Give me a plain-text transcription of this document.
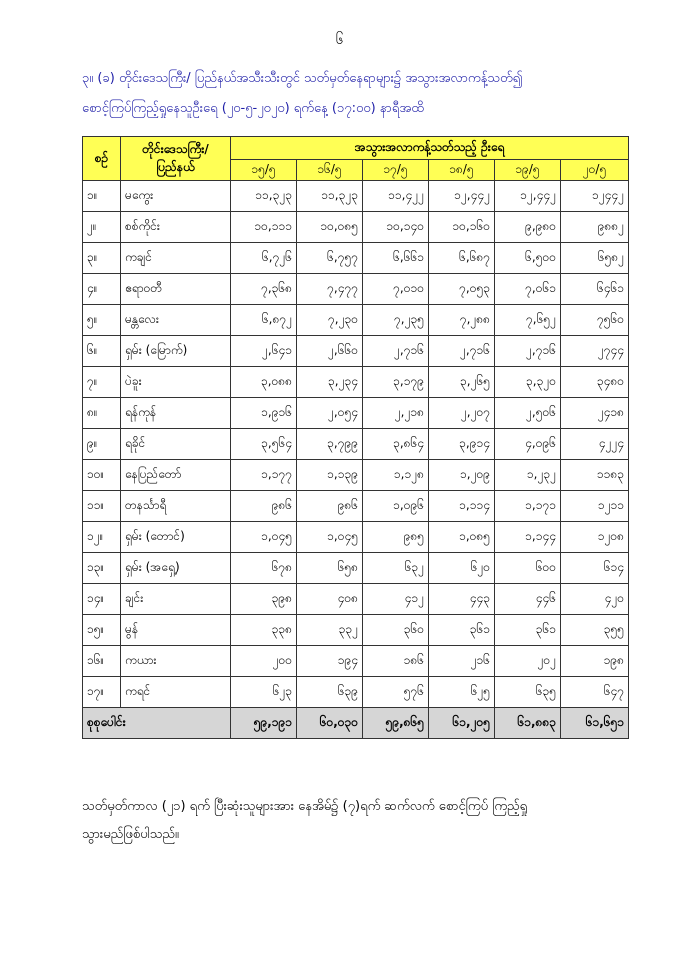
၆
၃။ (ခ) တိုင်းဒေသကြီး/ ပြည်နယ်အသီးသီးတွင် သတ်မှတ်နေရာများ၌ အသွားအလာကန့်သတ်၍
စောင့်ကြပ်ကြည့်ရှုနေသူဦးရေ (၂၀-၅-၂၀၂၀) ရက်နေ့ (၁၇:၀၀) နာရီအထိ
စဉ်	တိုင်းဒေသကြီး/ ပြည်နယ်	အသွားအလာကန့်သတ်သည့် ဦးရေ					
		၁၅/၅	၁၆/၅	၁၇/၅	၁၈/၅	၁၉/၅	၂၀/၅
၁။	မကွေး	၁၁,၃၂၃	၁၁,၃၂၃	၁၁,၄၂၂	၁၂,၄၄၂	၁၂,၄၄၂	၁၂၄၄၂
၂။	စစ်ကိုင်း	၁၀,၁၁၁	၁၀,၀၈၅	၁၀,၁၄၀	၁၀,၁၆၀	၉,၉၈၀	၉၈၈၂
၃။	ကချင်	၆,၇၂၆	၆,၇၅၇	၆,၆၆၁	၆,၆၈၇	၆,၅၀၀	၆၅၈၂
၄။	ဧရာဝတီ	၇,၃၆၈	၇,၄၇၇	၇,၀၁၀	၇,၀၅၃	၇,၀၆၁	၆၄၆၁
၅။	မန္တလေး	၆,၈၇၂	၇,၂၃၀	၇,၂၃၅	၇,၂၈၈	၇,၆၅၂	၇၅၆၀
၆။	ရှမ်း (မြောက်)	၂,၆၄၁	၂,၆၆၀	၂,၇၁၆	၂,၇၁၆	၂,၇၁၆	၂၇၄၄
၇။	ပဲခူး	၃,၀၈၈	၃,၂၃၄	၃,၁၇၉	၃,၂၆၅	၃,၃၂၀	၃၄၈၀
၈။	ရန်ကုန်	၁,၉၁၆	၂,၀၅၄	၂,၂၁၈	၂,၂၀၇	၂,၅၀၆	၂၄၁၈
၉။	ရခိုင်	၃,၅၆၄	၃,၇၉၉	၃,၈၆၄	၃,၉၁၄	၄,၀၉၆	၄၂၂၄
၁၀။	နေပြည်တော်	၁,၁၇၇	၁,၁၃၉	၁,၁၂၈	၁,၂၀၉	၁,၂၃၂	၁၁၈၃
၁၁။	တနင်္သာရီ	၉၈၆	၉၈၆	၁,၀၉၆	၁,၁၁၄	၁,၁၇၁	၁၂၁၁
၁၂။	ရှမ်း (တောင်)	၁,၀၄၅	၁,၀၄၅	၉၈၅	၁,၀၈၅	၁,၁၄၄	၁၂၀၈
၁၃။	ရှမ်း (အရှေ့)	၆၇၈	၆၅၈	၆၃၂	၆၂၀	၆၀၀	၆၁၄
၁၄။	ချင်း	၃၉၈	၄၀၈	၄၁၂	၄၄၃	၄၄၆	၄၂၀
၁၅။	မွန်	၃၃၈	၃၃၂	၃၆၀	၃၆၁	၃၆၁	၃၅၅
၁၆။	ကယား	၂၀၀	၁၉၄	၁၈၆	၂၁၆	၂၀၂	၁၉၈
၁၇။	ကရင်	၆၂၃	၆၃၉	၅၇၆	၆၂၅	၆၃၅	၆၄၇
စုစုပေါင်း		၅၉,၁၉၁	၆၀,၀၃၀	၅၉,၈၆၅	၆၁,၂၀၅	၆၁,၈၈၃	၆၁,၆၅၁
သတ်မှတ်ကာလ (၂၁) ရက် ပြီးဆုံးသူများအား နေအိမ်၌ (၇)ရက် ဆက်လက် စောင့်ကြပ် ကြည့်ရှု
သွားမည်ဖြစ်ပါသည်။
